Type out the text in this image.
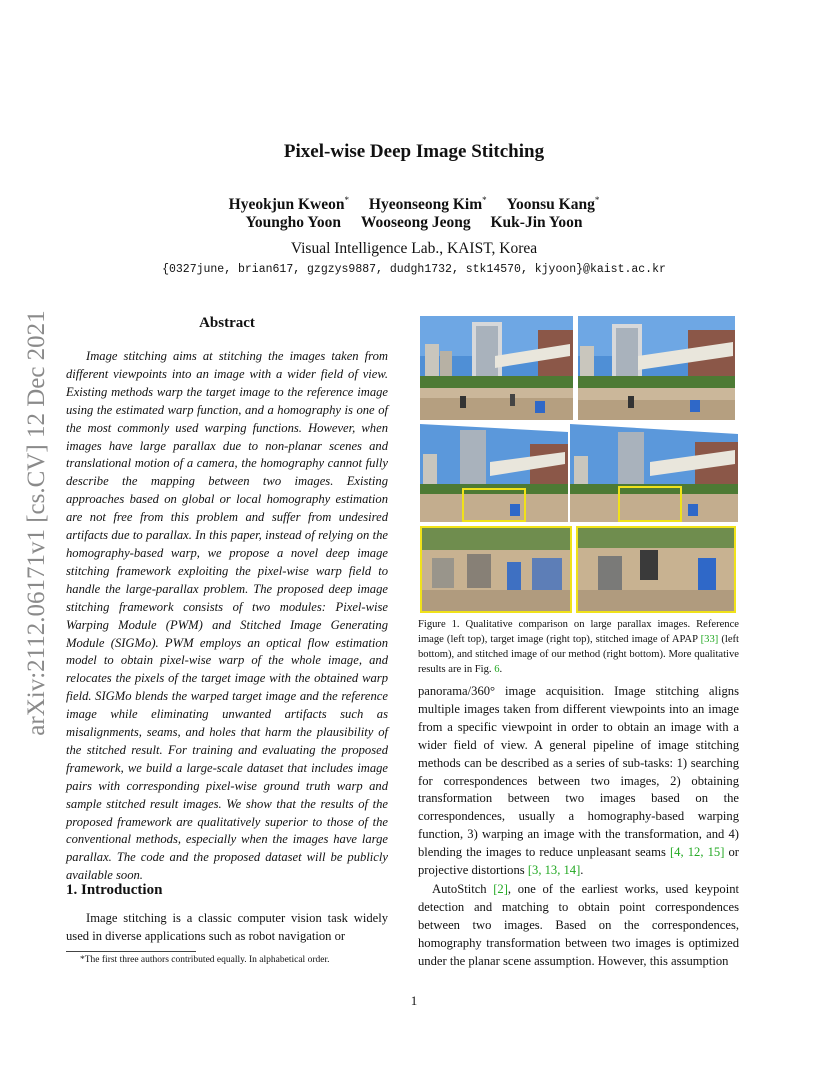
arXiv:2112.06171v1 [cs.CV] 12 Dec 2021
Pixel-wise Deep Image Stitching
Hyeokjun Kweon* Hyeonseong Kim* Yoonsu Kang*
Youngho Yoon Wooseong Jeong Kuk-Jin Yoon
Visual Intelligence Lab., KAIST, Korea
{0327june, brian617, gzgzys9887, dudgh1732, stk14570, kjyoon}@kaist.ac.kr
Abstract
Image stitching aims at stitching the images taken from different viewpoints into an image with a wider field of view. Existing methods warp the target image to the reference image using the estimated warp function, and a homography is one of the most commonly used warping functions. However, when images have large parallax due to non-planar scenes and translational motion of a camera, the homography cannot fully describe the mapping between two images. Existing approaches based on global or local homography estimation are not free from this problem and suffer from undesired artifacts due to parallax. In this paper, instead of relying on the homography-based warp, we propose a novel deep image stitching framework exploiting the pixel-wise warp field to handle the large-parallax problem. The proposed deep image stitching framework consists of two modules: Pixel-wise Warping Module (PWM) and Stitched Image Generating Module (SIGMo). PWM employs an optical flow estimation model to obtain pixel-wise warp of the whole image, and relocates the pixels of the target image with the obtained warp field. SIGMo blends the warped target image and the reference image while eliminating unwanted artifacts such as misalignments, seams, and holes that harm the plausibility of the stitched result. For training and evaluating the proposed framework, we build a large-scale dataset that includes image pairs with corresponding pixel-wise ground truth warp and sample stitched result images. We show that the results of the proposed framework are qualitatively superior to those of the conventional methods, especially when the images have large parallax. The code and the proposed dataset will be publicly available soon.
1. Introduction
Image stitching is a classic computer vision task widely used in diverse applications such as robot navigation or
*The first three authors contributed equally. In alphabetical order.
Figure 1. Qualitative comparison on large parallax images. Reference image (left top), target image (right top), stitched image of APAP [33] (left bottom), and stitched image of our method (right bottom). More qualitative results are in Fig. 6.
panorama/360° image acquisition. Image stitching aligns multiple images taken from different viewpoints into an image from a specific viewpoint in order to obtain an image with a wider field of view. A general pipeline of image stitching methods can be described as a series of sub-tasks: 1) searching for correspondences between two images, 2) obtaining transformation between two images based on the correspondences, usually a homography-based warping function, 3) warping an image with the transformation, and 4) blending the images to reduce unpleasant seams [4, 12, 15] or projective distortions [3, 13, 14].
AutoStitch [2], one of the earliest works, used keypoint detection and matching to obtain point correspondences between two images. Based on the correspondences, homography transformation between two images is optimized under the planar scene assumption. However, this assumption
1
